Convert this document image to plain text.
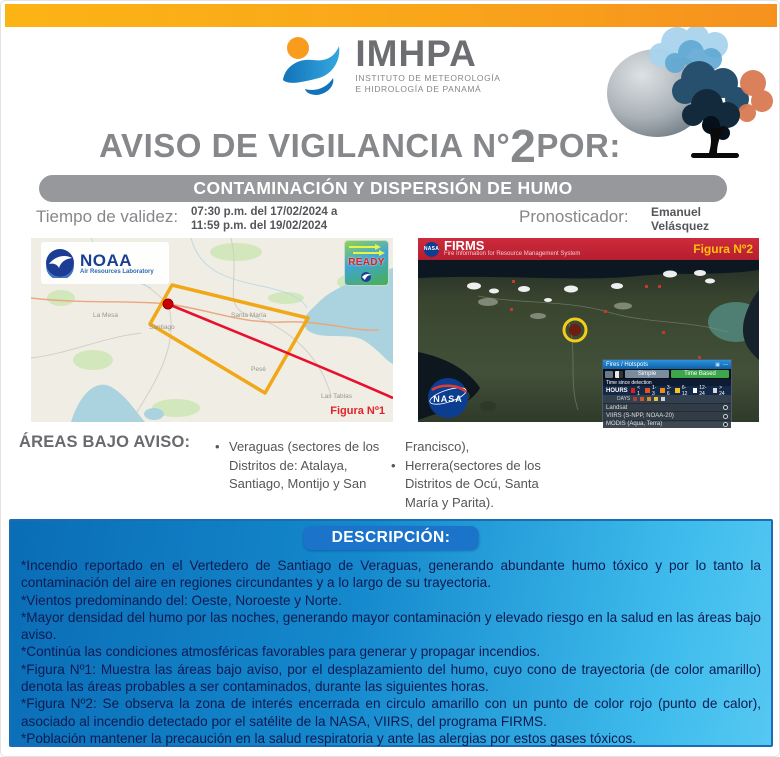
IMHPA
INSTITUTO DE METEOROLOGÍA
E HIDROLOGÍA DE PANAMÁ
AVISO DE VIGILANCIA N°2POR:
CONTAMINACIÓN Y DISPERSIÓN DE HUMO
Tiempo de validez: 07:30 p.m. del 17/02/2024 a
11:59 p.m. del 19/02/2024	Pronosticador: Emanuel
Velásquez
Santiago
Santa María
La Mesa
Pesé
Las Tablas
NOAA
Air Resources Laboratory
READY
Figura Nº1
NASA FIRMS
Fire Information for Resource Management System	Figura Nº2
NASA
Fires / Hotspots	▣ —
Simple	Time Based
Time since detection
HOURS < 1
1-3
3-6
6-12
12-24
> 24
DAYS
Landsat
VIIRS (S-NPP, NOAA-20)
MODIS (Aqua, Terra)
ÁREAS BAJO AVISO:	• Veraguas (sectores de los Distritos de: Atalaya, Santiago, Montijo y San
Francisco),
• Herrera(sectores de los Distritos de Ocú, Santa María y Parita).
DESCRIPCIÓN:

*Incendio reportado en el Vertedero de Santiago de Veraguas, generando abundante humo tóxico y por lo tanto la contaminación del aire en regiones circundantes y a lo largo de su trayectoria.

*Vientos predominando del: Oeste, Noroeste y Norte.

*Mayor densidad del humo por las noches, generando mayor contaminación y elevado riesgo en la salud en las áreas bajo aviso.

*Continúa las condiciones atmosféricas favorables para generar y propagar incendios.

*Figura Nº1: Muestra las áreas bajo aviso, por el desplazamiento del humo, cuyo cono de trayectoria (de color amarillo) denota las áreas probables a ser contaminados, durante las siguientes horas.

*Figura Nº2: Se observa la zona de interés encerrada en circulo amarillo con un punto de color rojo (punto de calor), asociado al incendio detectado por el satélite de la NASA, VIIRS, del programa FIRMS.

*Población mantener la precaución en la salud respiratoria y ante las alergias por estos gases tóxicos.
